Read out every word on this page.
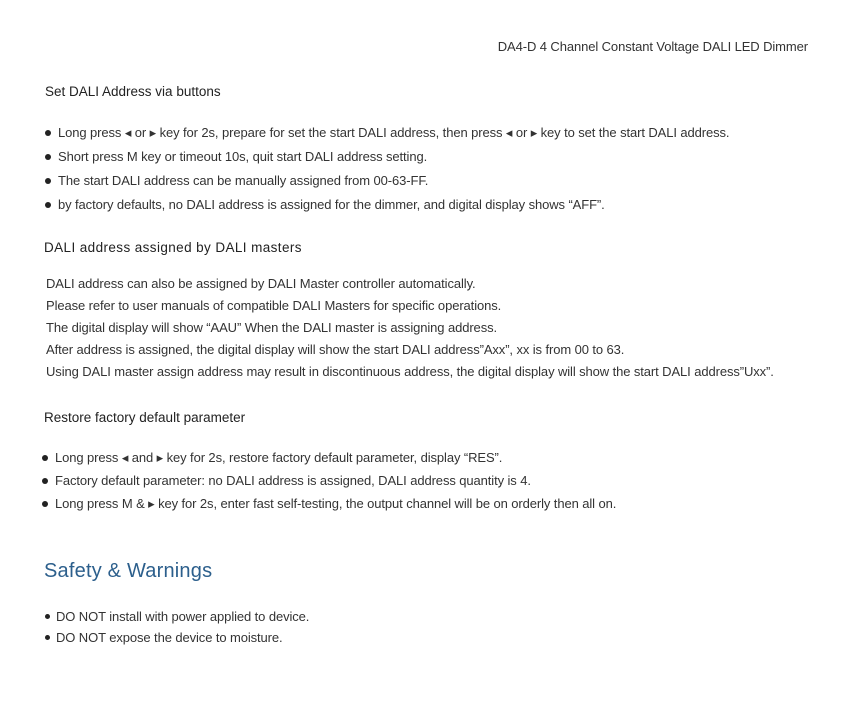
DA4-D 4 Channel Constant Voltage DALI LED Dimmer
Set DALI Address via buttons
Long press ◂ or ▸ key for 2s, prepare for set the start DALI address, then press ◂ or ▸ key to set the start DALI address.
Short press M key or timeout 10s, quit start DALI address setting.
The start DALI address can be manually assigned from 00-63-FF.
by factory defaults, no DALI address is assigned for the dimmer, and digital display shows “AFF”.
DALI address assigned by DALI masters
DALI address can also be assigned by DALI Master controller automatically.
Please refer to user manuals of compatible DALI Masters for specific operations.
The digital display will show “AAU” When the DALI master is assigning address.
After address is assigned, the digital display will show the start DALI address”Axx”, xx is from 00 to 63.
Using DALI master assign address may result in discontinuous address, the digital display will show the start DALI address”Uxx”.
Restore factory default parameter
Long press ◂ and ▸ key for 2s, restore factory default parameter, display “RES”.
Factory default parameter: no DALI address is assigned, DALI address quantity is 4.
Long press M & ▸ key for 2s, enter fast self-testing, the output channel will be on orderly then all on.
Safety & Warnings
DO NOT install with power applied to device.
DO NOT expose the device to moisture.
